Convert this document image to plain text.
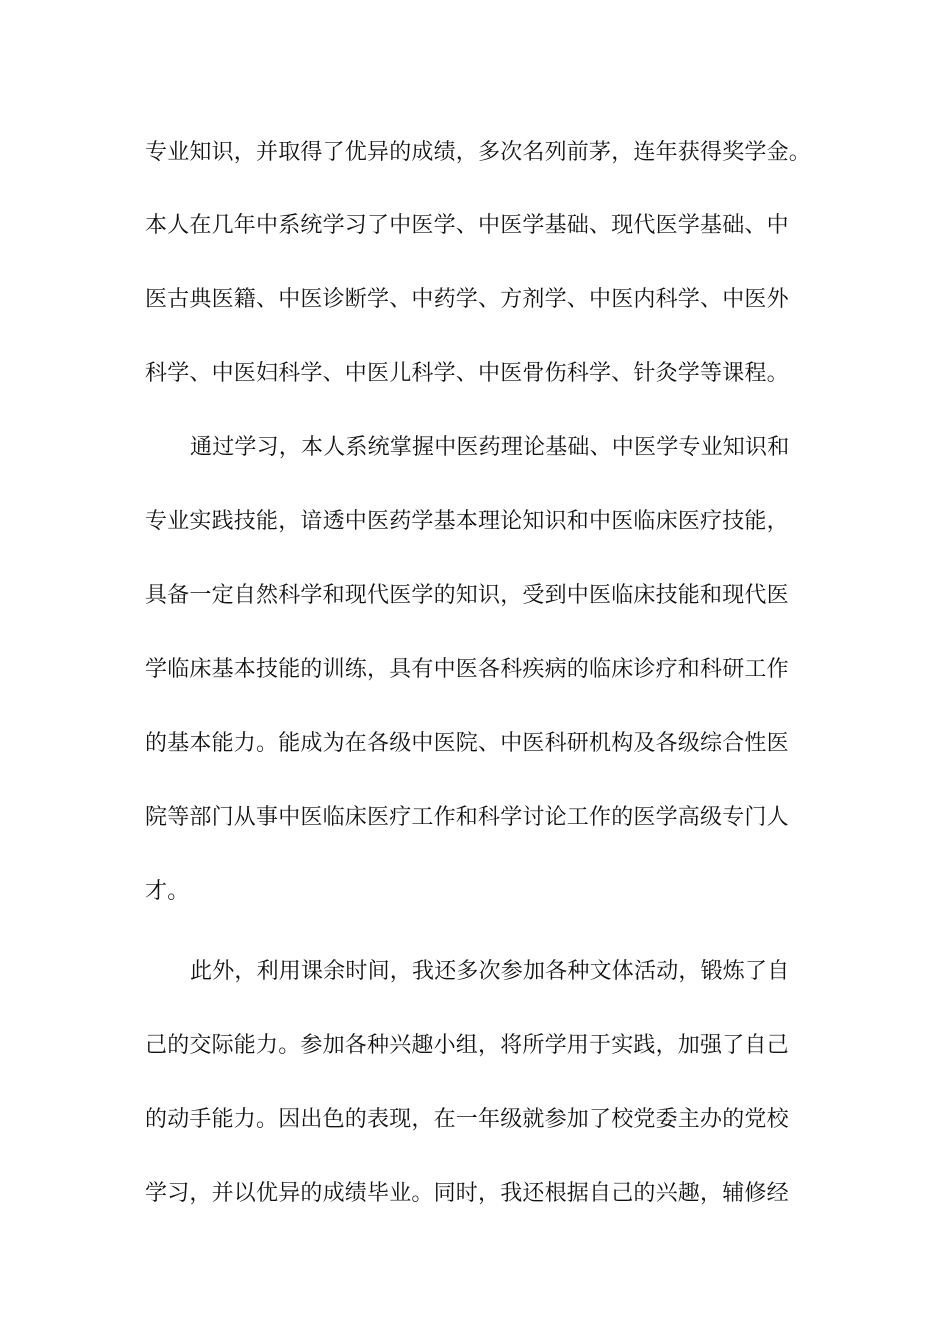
专业知识，并取得了优异的成绩，多次名列前茅，连年获得奖学金。
本人在几年中系统学习了中医学、中医学基础、现代医学基础、中
医古典医籍、中医诊断学、中药学、方剂学、中医内科学、中医外
科学、中医妇科学、中医儿科学、中医骨伤科学、针灸学等课程。
通过学习，本人系统掌握中医药理论基础、中医学专业知识和
专业实践技能，谙透中医药学基本理论知识和中医临床医疗技能，
具备一定自然科学和现代医学的知识，受到中医临床技能和现代医
学临床基本技能的训练，具有中医各科疾病的临床诊疗和科研工作
的基本能力。能成为在各级中医院、中医科研机构及各级综合性医
院等部门从事中医临床医疗工作和科学讨论工作的医学高级专门人
才。
此外，利用课余时间，我还多次参加各种文体活动，锻炼了自
己的交际能力。参加各种兴趣小组，将所学用于实践，加强了自己
的动手能力。因出色的表现，在一年级就参加了校党委主办的党校
学习，并以优异的成绩毕业。同时，我还根据自己的兴趣，辅修经
